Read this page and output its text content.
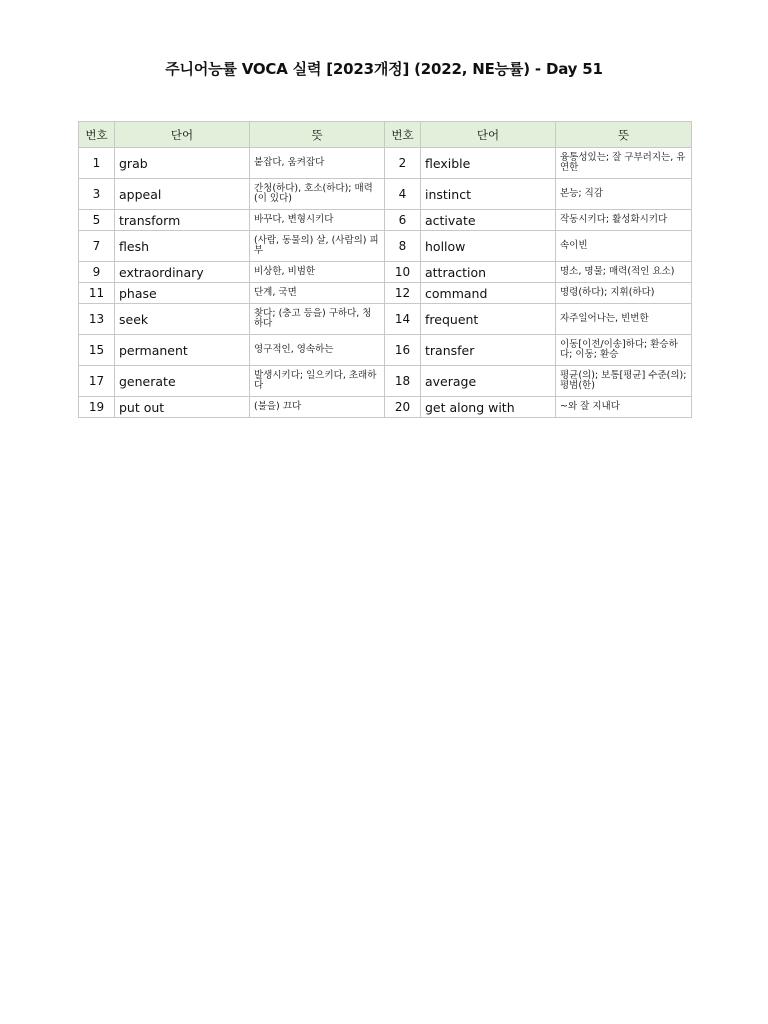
주니어능률 VOCA 실력 [2023개정] (2022, NE능률) - Day 51
번호	단어	뜻	번호	단어	뜻
1	grab	붙잡다, 움켜잡다	2	flexible	융통성있는; 잘 구부러지는, 유연한
3	appeal	간청(하다), 호소(하다); 매력(이 있다)	4	instinct	본능; 직감
5	transform	바꾸다, 변형시키다	6	activate	작동시키다; 활성화시키다
7	flesh	(사람, 동물의) 살, (사람의) 피부	8	hollow	속이빈
9	extraordinary	비상한, 비범한	10	attraction	명소, 명물; 매력(적인 요소)
11	phase	단계, 국면	12	command	명령(하다); 지휘(하다)
13	seek	찾다; (충고 등을) 구하다, 청하다	14	frequent	자주일어나는, 빈번한
15	permanent	영구적인, 영속하는	16	transfer	이동[이전/이송]하다; 환승하다; 이동; 환승
17	generate	발생시키다; 일으키다, 초래하다	18	average	평균(의); 보통[평균] 수준(의); 평범(한)
19	put out	(불을) 끄다	20	get along with	~와 잘 지내다
